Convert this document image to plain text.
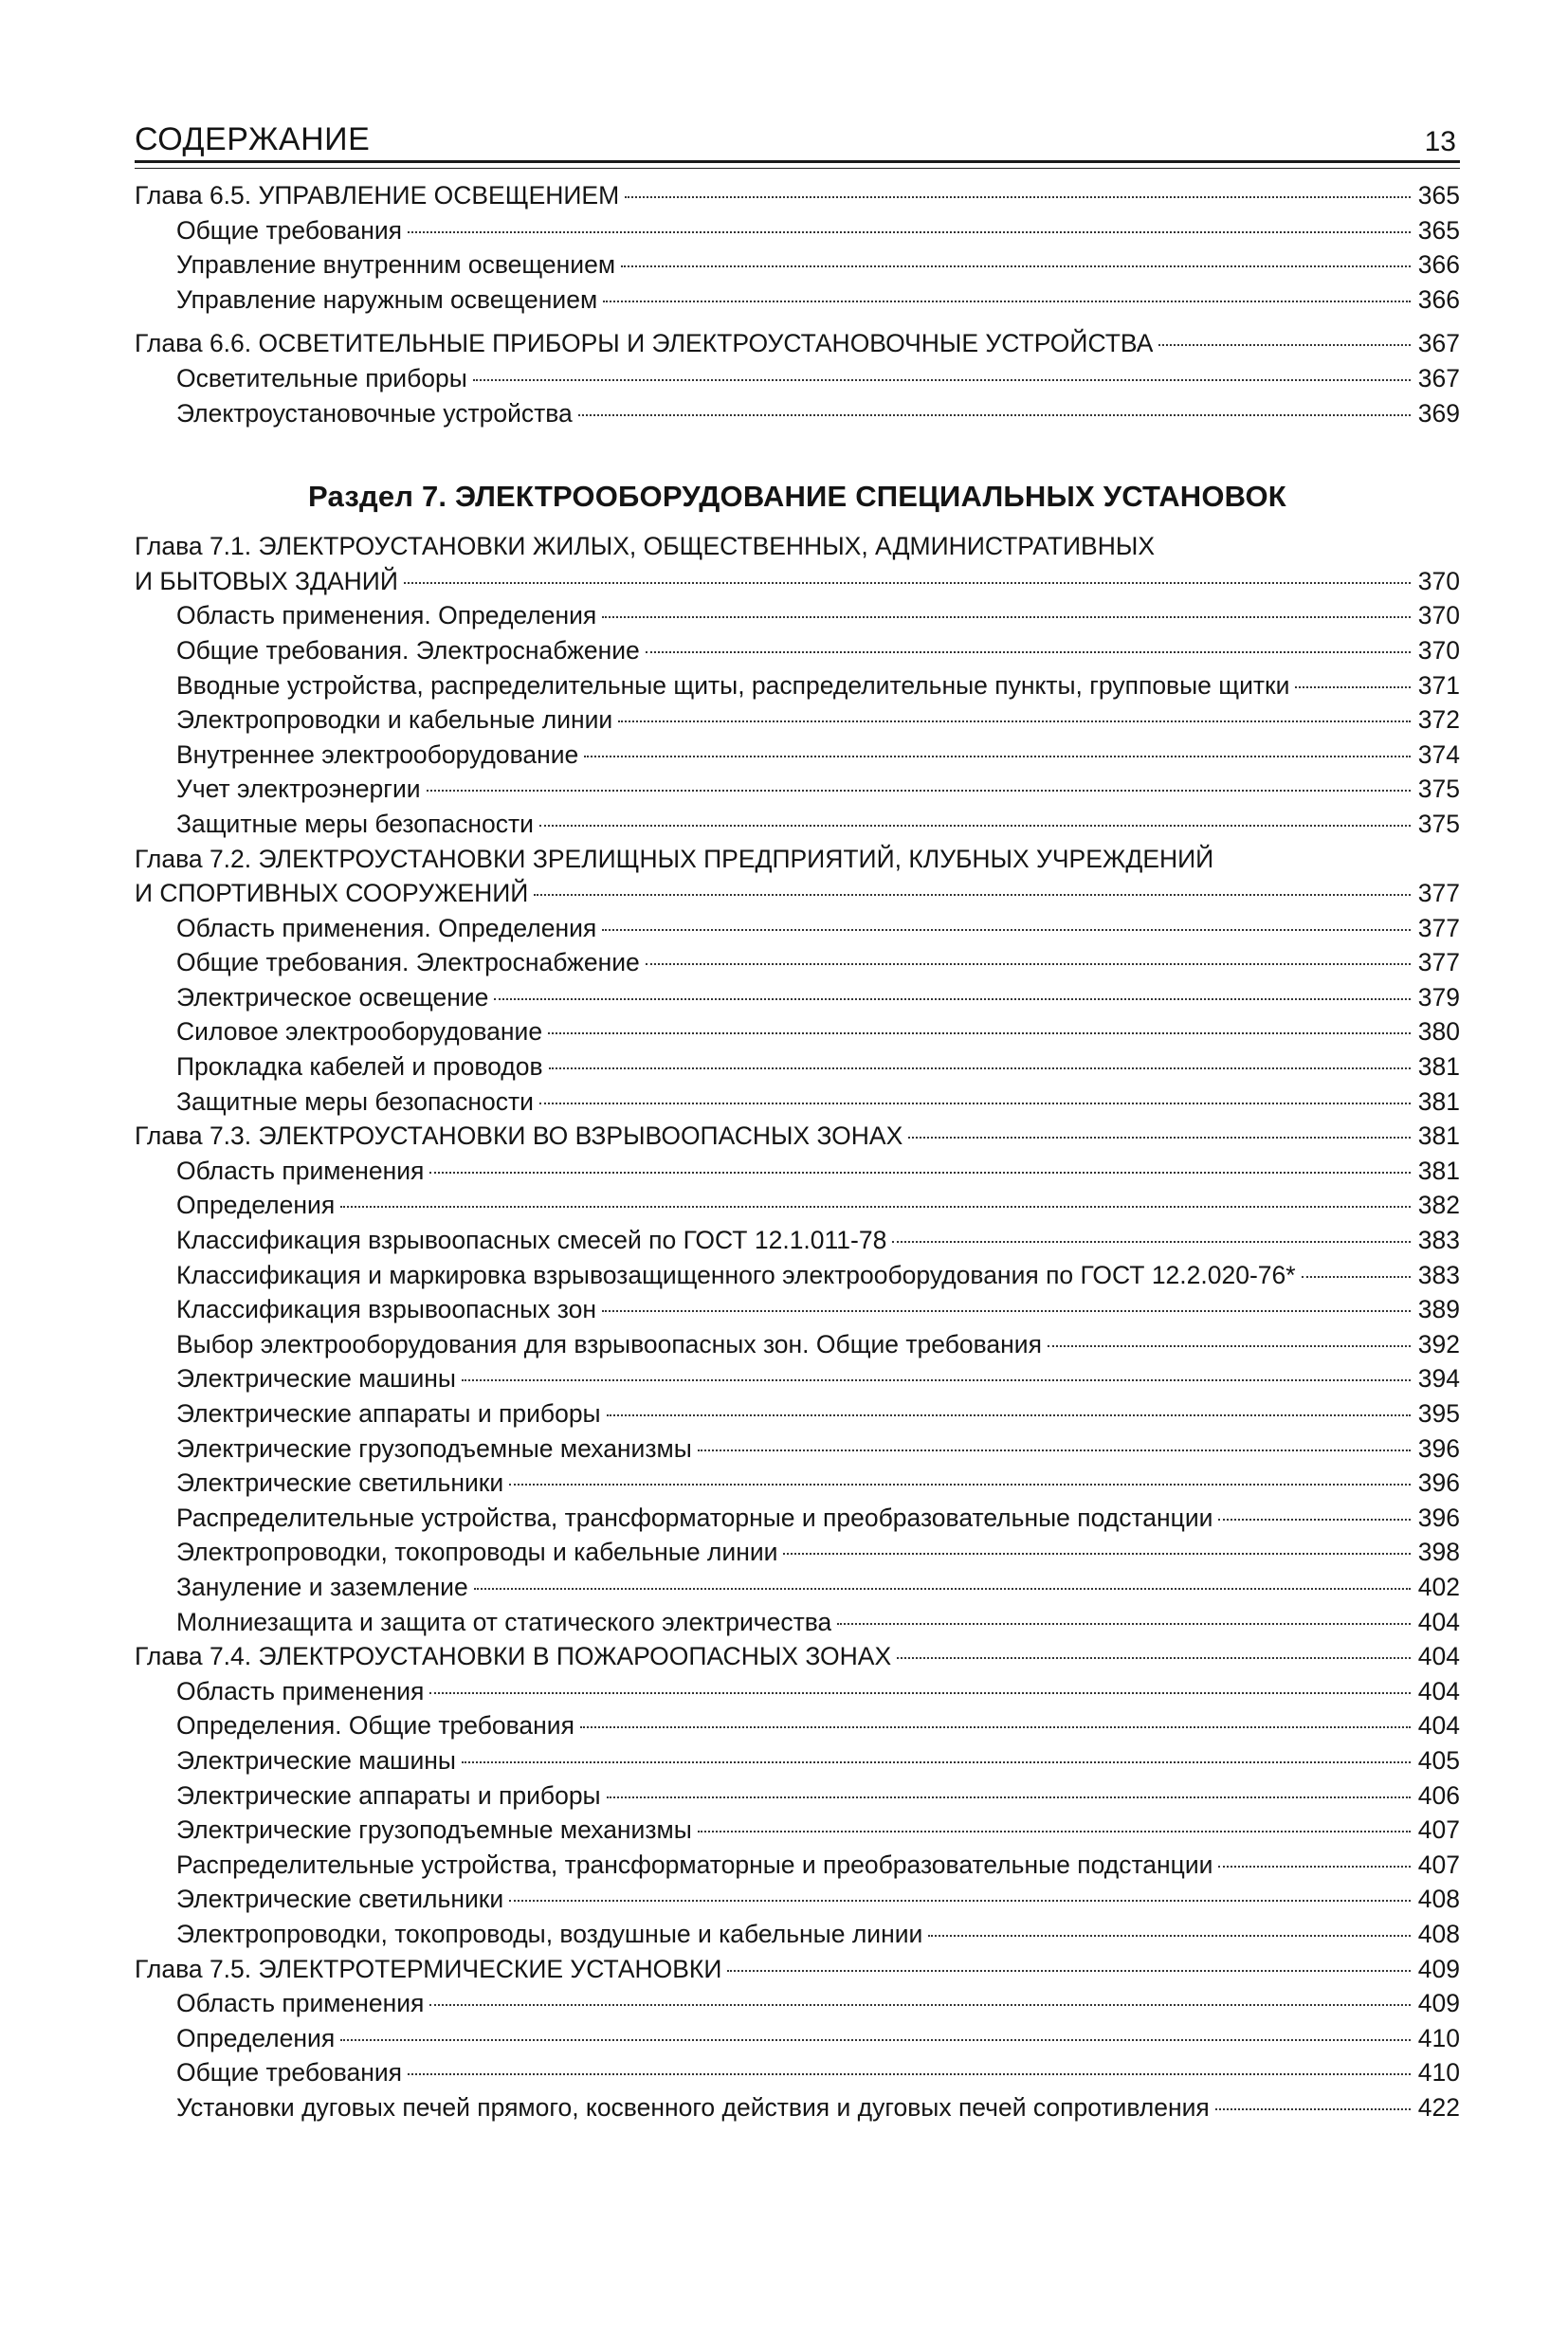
СОДЕРЖАНИЕ	13
Глава 6.5. УПРАВЛЕНИЕ ОСВЕЩЕНИЕМ	365
Общие требования	365
Управление внутренним освещением	366
Управление наружным освещением	366
Глава 6.6. ОСВЕТИТЕЛЬНЫЕ ПРИБОРЫ И ЭЛЕКТРОУСТАНОВОЧНЫЕ УСТРОЙСТВА	367
Осветительные приборы	367
Электроустановочные устройства	369
Раздел 7. ЭЛЕКТРООБОРУДОВАНИЕ СПЕЦИАЛЬНЫХ УСТАНОВОК
Глава 7.1. ЭЛЕКТРОУСТАНОВКИ ЖИЛЫХ, ОБЩЕСТВЕННЫХ, АДМИНИСТРАТИВНЫХ
И БЫТОВЫХ ЗДАНИЙ	370
Область применения. Определения	370
Общие требования. Электроснабжение	370
Вводные устройства, распределительные щиты, распределительные пункты, групповые щитки	371
Электропроводки и кабельные линии	372
Внутреннее электрооборудование	374
Учет электроэнергии	375
Защитные меры безопасности	375
Глава 7.2. ЭЛЕКТРОУСТАНОВКИ ЗРЕЛИЩНЫХ ПРЕДПРИЯТИЙ, КЛУБНЫХ УЧРЕЖДЕНИЙ
И СПОРТИВНЫХ СООРУЖЕНИЙ	377
Область применения. Определения	377
Общие требования. Электроснабжение	377
Электрическое освещение	379
Силовое электрооборудование	380
Прокладка кабелей и проводов	381
Защитные меры безопасности	381
Глава 7.3. ЭЛЕКТРОУСТАНОВКИ ВО ВЗРЫВООПАСНЫХ ЗОНАХ	381
Область применения	381
Определения	382
Классификация взрывоопасных смесей по ГОСТ 12.1.011-78	383
Классификация и маркировка взрывозащищенного электрооборудования по ГОСТ 12.2.020-76*	383
Классификация взрывоопасных зон	389
Выбор электрооборудования для взрывоопасных зон. Общие требования	392
Электрические машины	394
Электрические аппараты и приборы	395
Электрические грузоподъемные механизмы	396
Электрические светильники	396
Распределительные устройства, трансформаторные и преобразовательные подстанции	396
Электропроводки, токопроводы и кабельные линии	398
Зануление и заземление	402
Молниезащита и защита от статического электричества	404
Глава 7.4. ЭЛЕКТРОУСТАНОВКИ В ПОЖАРООПАСНЫХ ЗОНАХ	404
Область применения	404
Определения. Общие требования	404
Электрические машины	405
Электрические аппараты и приборы	406
Электрические грузоподъемные механизмы	407
Распределительные устройства, трансформаторные и преобразовательные подстанции	407
Электрические светильники	408
Электропроводки, токопроводы, воздушные и кабельные линии	408
Глава 7.5. ЭЛЕКТРОТЕРМИЧЕСКИЕ УСТАНОВКИ	409
Область применения	409
Определения	410
Общие требования	410
Установки дуговых печей прямого, косвенного действия и дуговых печей сопротивления	422
